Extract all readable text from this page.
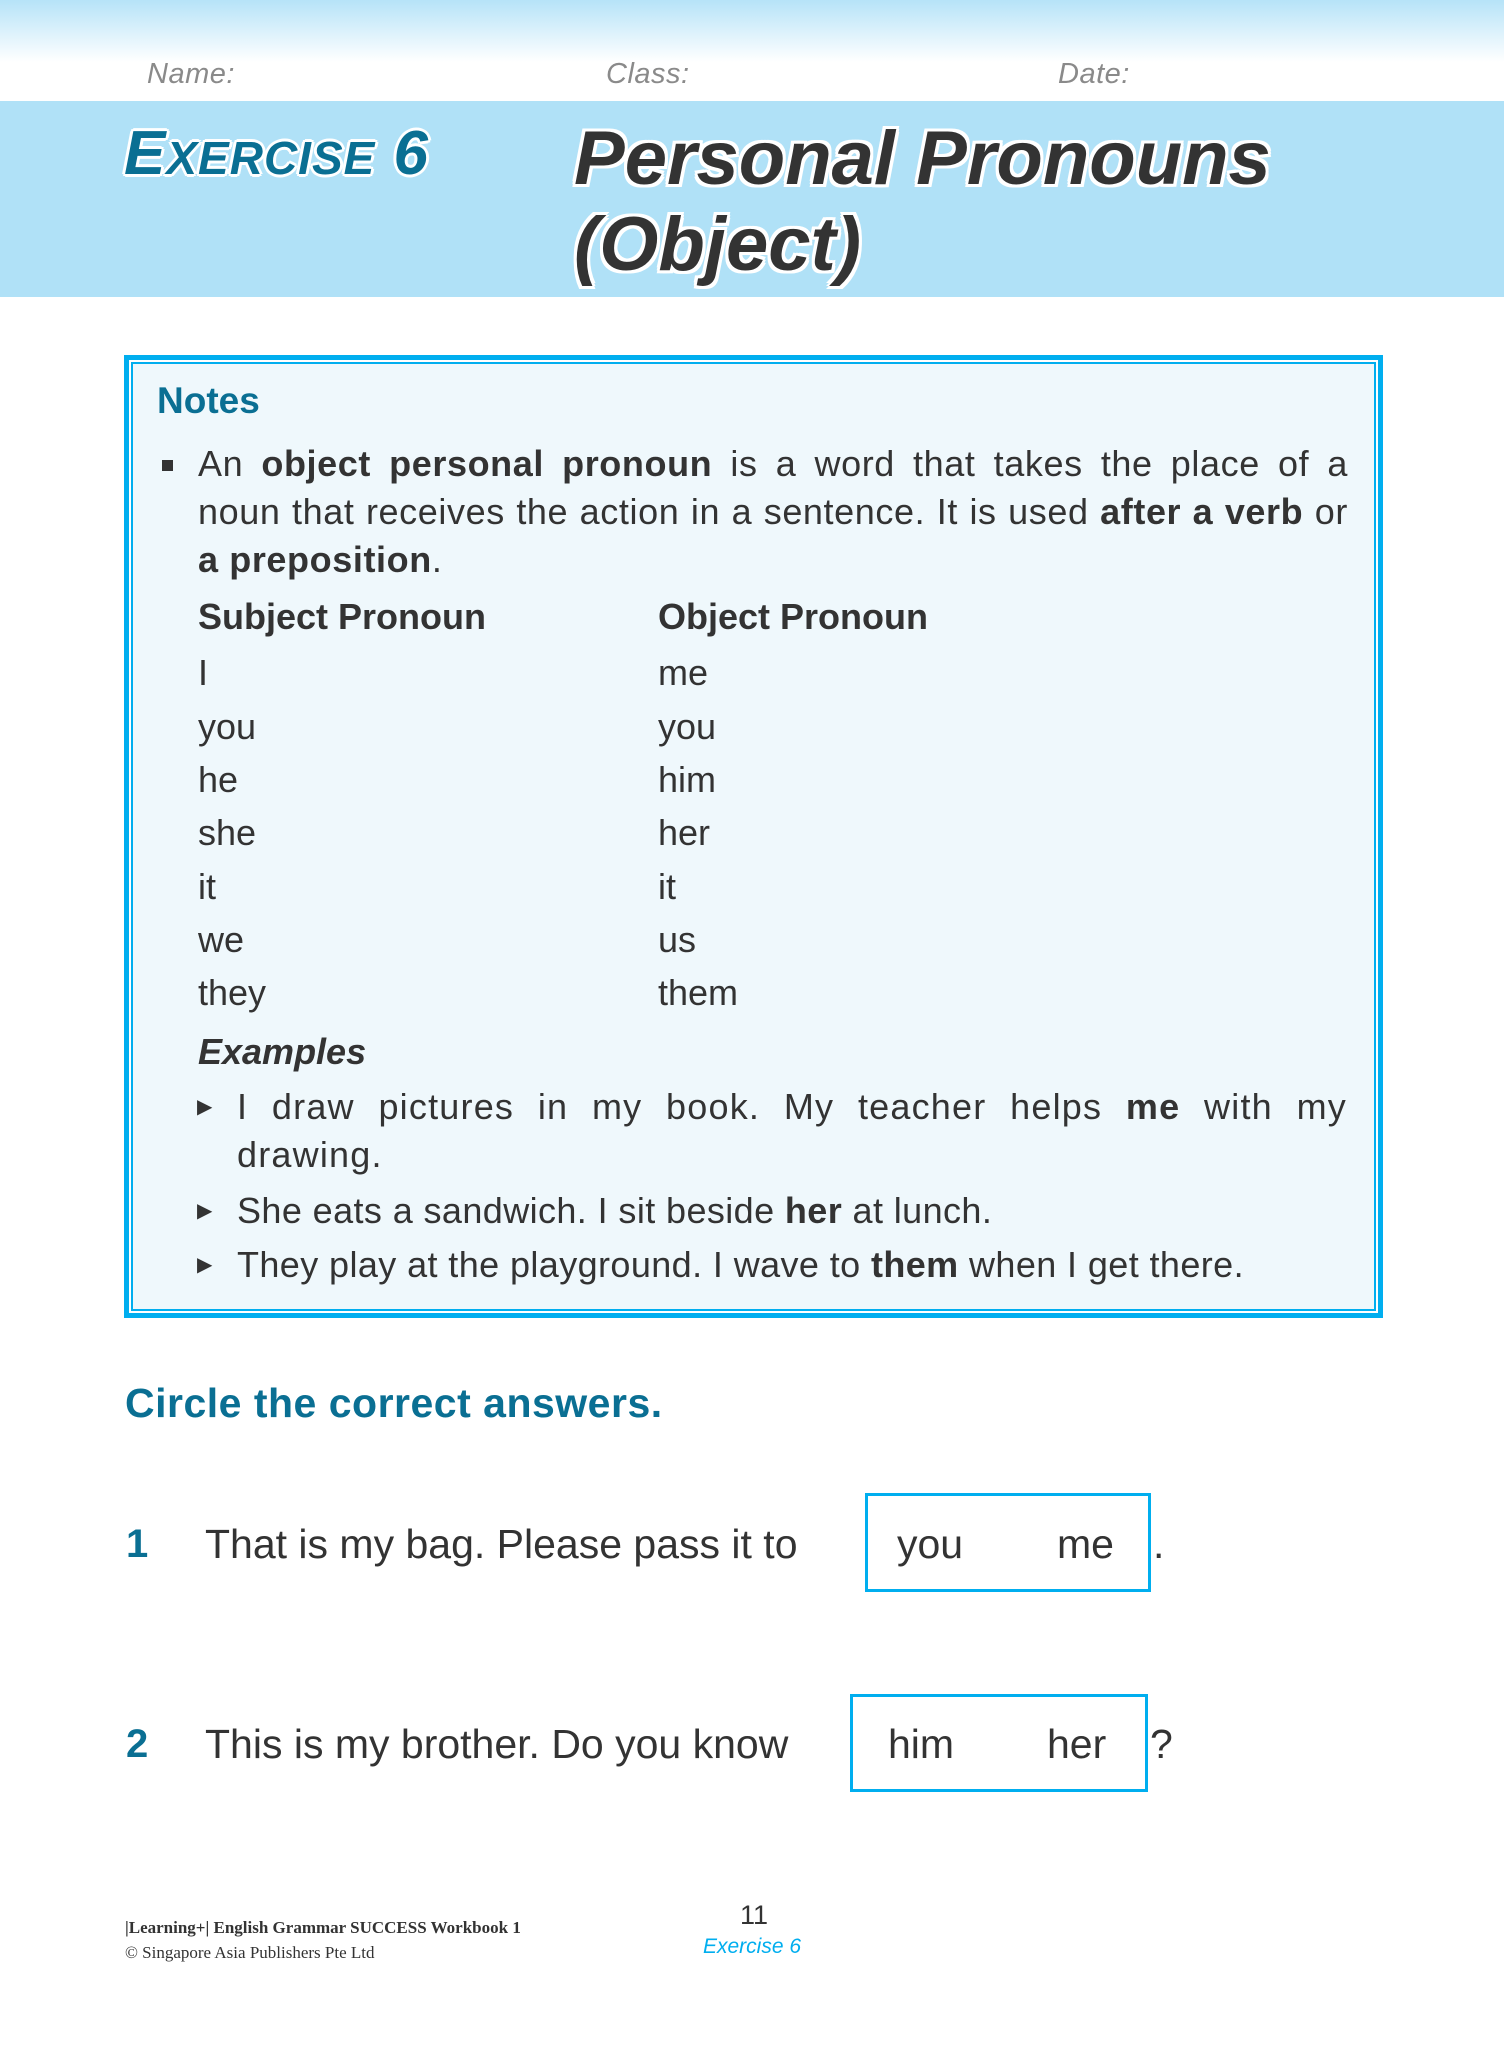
Name:	Class:	Date:
EXERCISE 6 Personal Pronouns
(Object)
Notes
An object personal pronoun is a word that takes the place of a noun that receives the action in a sentence. It is used after a verb or a preposition.
Subject Pronoun	Object Pronoun
I	me
you	you
he	him
she	her
it	it
we	us
they	them
Examples
▶ I draw pictures in my book. My teacher helps me with my drawing.
▶ She eats a sandwich. I sit beside her at lunch.
▶ They play at the playground. I wave to them when I get there.
Circle the correct answers.
1 That is my bag. Please pass it to you me .
2 This is my brother. Do you know him her ?
|Learning+| English Grammar SUCCESS Workbook 1
© Singapore Asia Publishers Pte Ltd
11
Exercise 6
